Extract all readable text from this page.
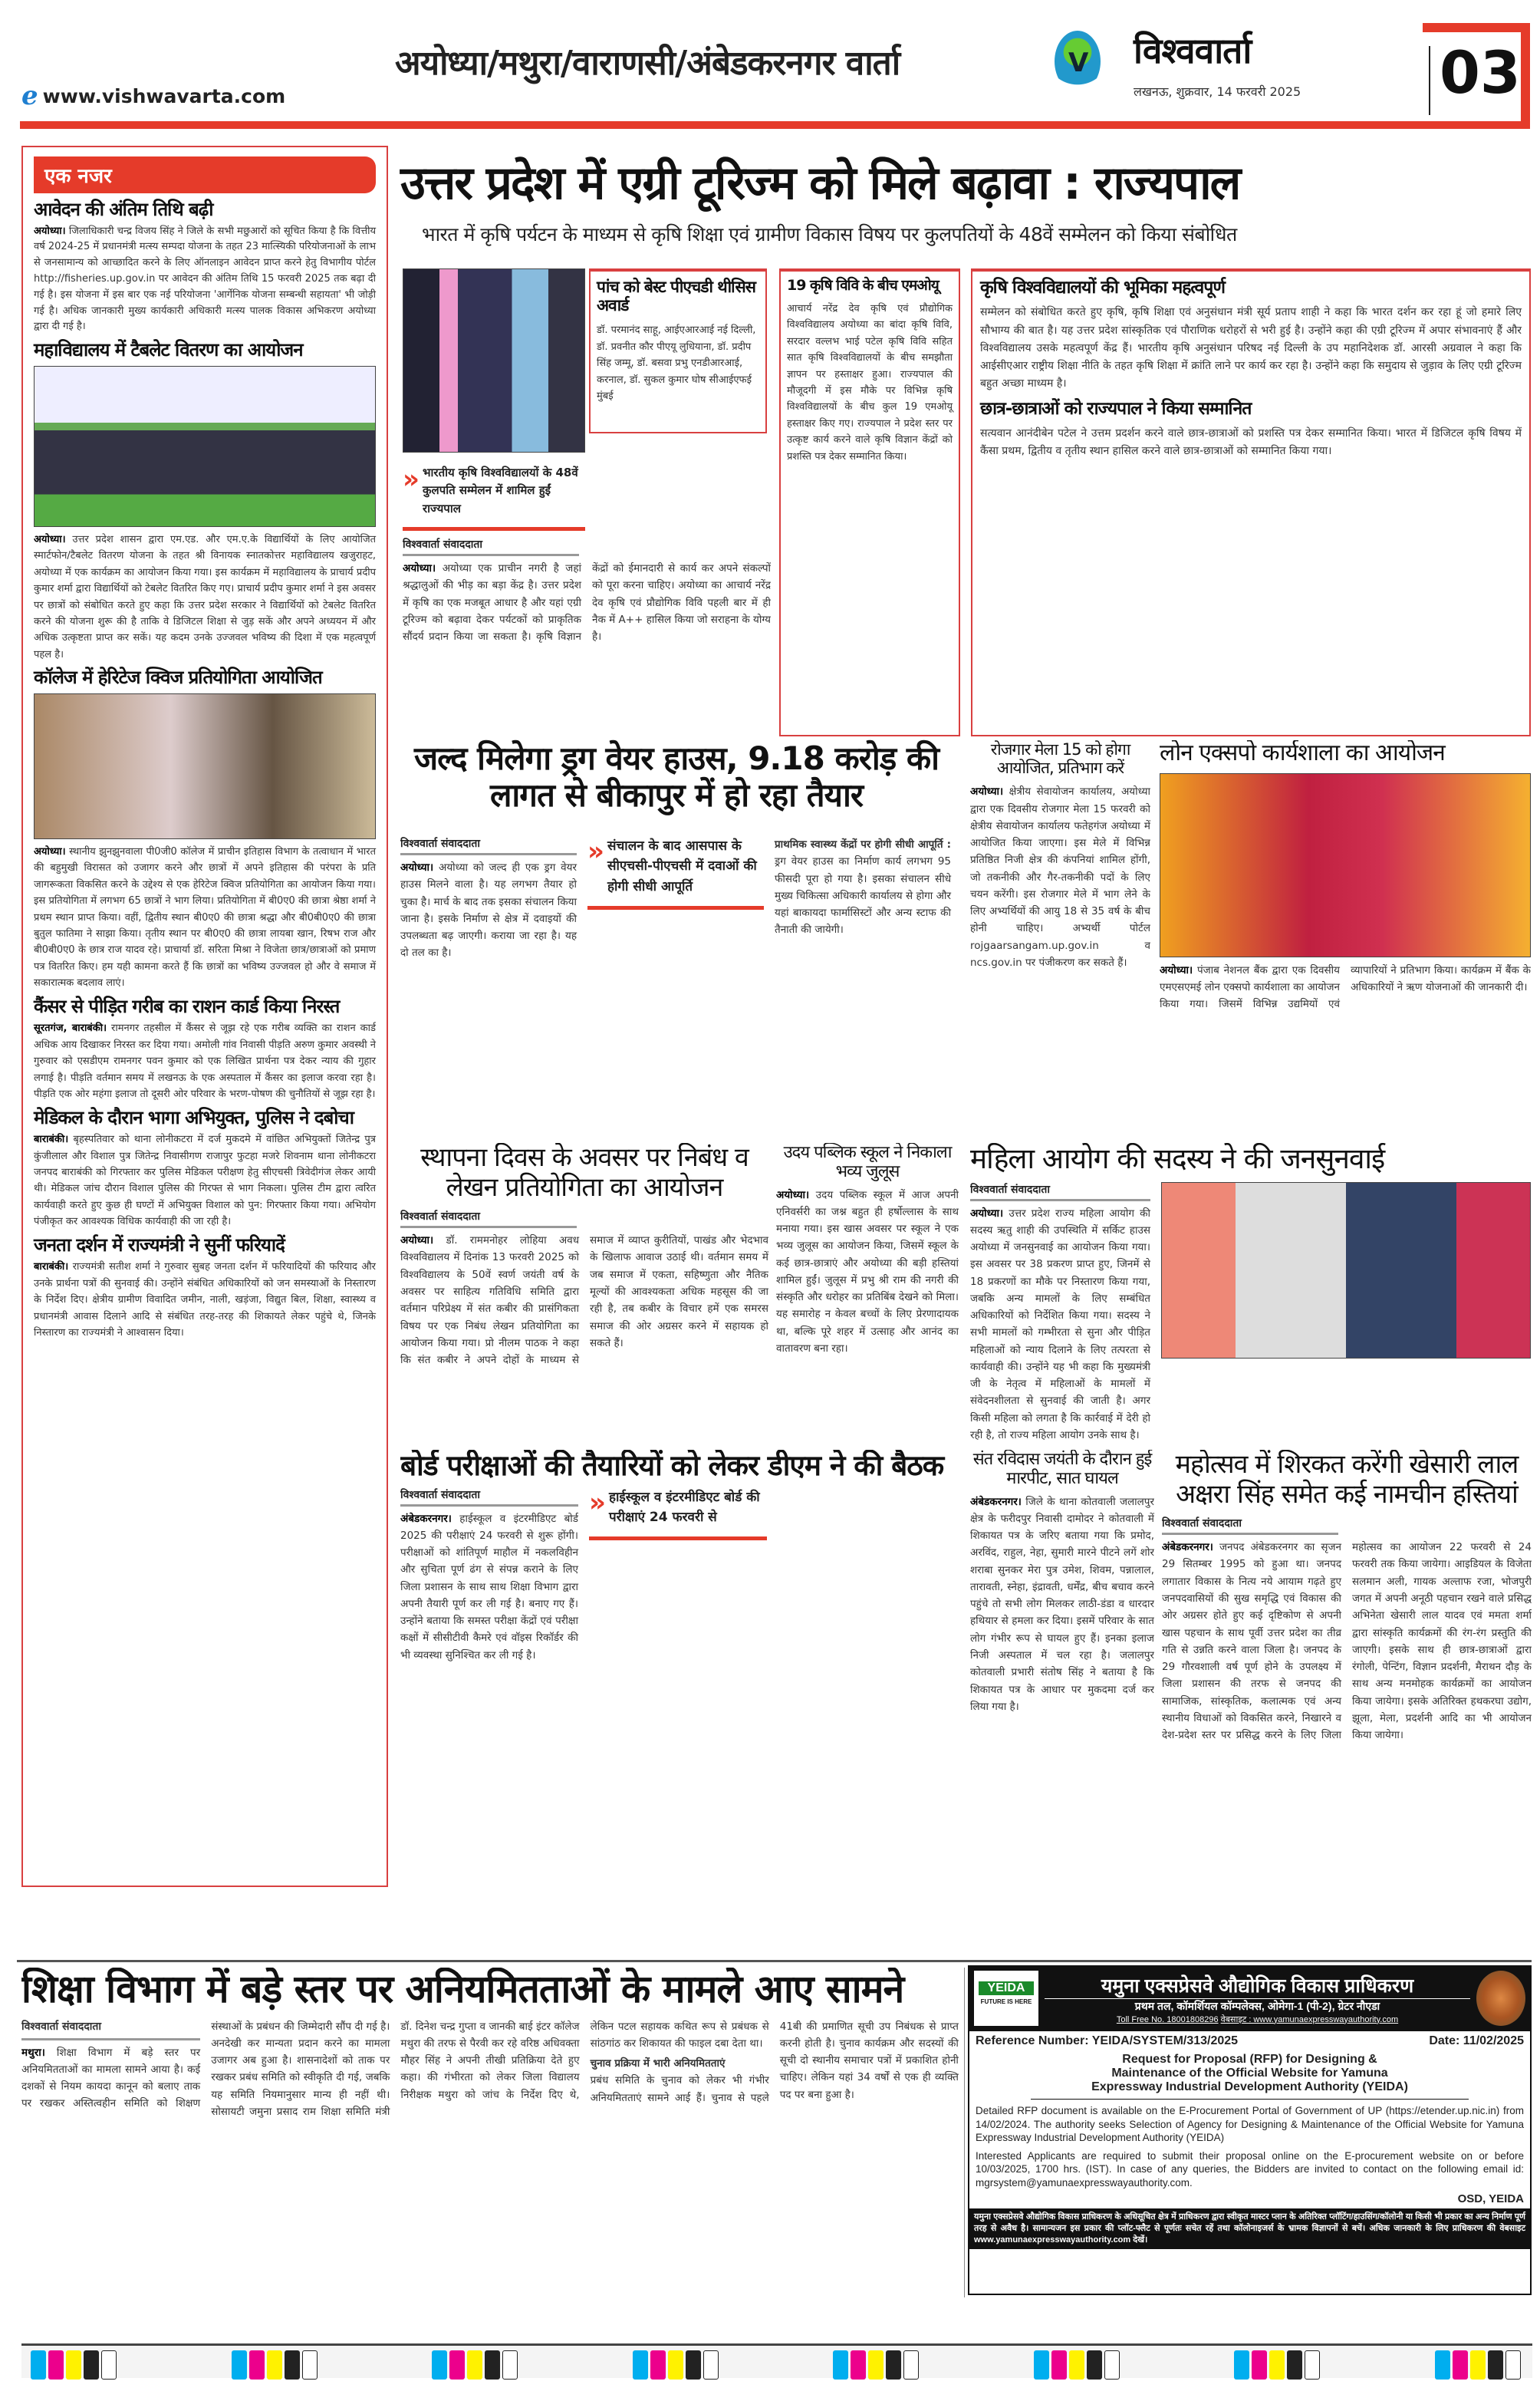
e www.vishwavarta.com
अयोध्या/मथुरा/वाराणसी/अंबेडकरनगर वार्ता	V विश्ववार्ता
लखनऊ, शुक्रवार, 14 फरवरी 2025 03
एक नजर
आवेदन की अंतिम तिथि बढ़ी

अयोध्या। जिलाधिकारी चन्द्र विजय सिंह ने जिले के सभी मछुआरों को सूचित किया है कि वित्तीय वर्ष 2024-25 में प्रधानमंत्री मत्स्य सम्पदा योजना के तहत 23 मात्स्यिकी परियोजनाओं के लाभ से जनसामान्य को आच्छादित करने के लिए ऑनलाइन आवेदन प्राप्त करने हेतु विभागीय पोर्टल http://fisheries.up.gov.in पर आवेदन की अंतिम तिथि 15 फरवरी 2025 तक बढ़ा दी गई है। इस योजना में इस बार एक नई परियोजना 'आर्गेनिक योजना सम्बन्धी सहायता' भी जोड़ी गई है। अधिक जानकारी मुख्य कार्यकारी अधिकारी मत्स्य पालक विकास अभिकरण अयोध्या द्वारा दी गई है।

महाविद्यालय में टैबलेट वितरण का आयोजन

अयोध्या। उत्तर प्रदेश शासन द्वारा एम.एड. और एम.ए.के विद्यार्थियों के लिए आयोजित स्मार्टफोन/टैबलेट वितरण योजना के तहत श्री विनायक स्नातकोत्तर महाविद्यालय खजुराहट, अयोध्या में एक कार्यक्रम का आयोजन किया गया। इस कार्यक्रम में महाविद्यालय के प्राचार्य प्रदीप कुमार शर्मा द्वारा विद्यार्थियों को टेबलेट वितरित किए गए। प्राचार्य प्रदीप कुमार शर्मा ने इस अवसर पर छात्रों को संबोधित करते हुए कहा कि उत्तर प्रदेश सरकार ने विद्यार्थियों को टेबलेट वितरित करने की योजना शुरू की है ताकि वे डिजिटल शिक्षा से जुड़ सकें और अपने अध्ययन में और अधिक उत्कृष्टता प्राप्त कर सकें। यह कदम उनके उज्जवल भविष्य की दिशा में एक महत्वपूर्ण पहल है।

कॉलेज में हेरिटेज क्विज प्रतियोगिता आयोजित

अयोध्या। स्थानीय झुनझुनवाला पी0जी0 कॉलेज में प्राचीन इतिहास विभाग के तत्वाधान में भारत की बहुमुखी विरासत को उजागर करने और छात्रों में अपने इतिहास की परंपरा के प्रति जागरूकता विकसित करने के उद्देश्य से एक हेरिटेज क्विज प्रतियोगिता का आयोजन किया गया। इस प्रतियोगिता में लगभग 65 छात्रों ने भाग लिया। प्रतियोगिता में बी0ए0 की छात्रा श्रेष्ठा शर्मा ने प्रथम स्थान प्राप्त किया। वहीं, द्वितीय स्थान बी0ए0 की छात्रा श्रद्धा और बी0बी0ए0 की छात्रा बुतुल फातिमा ने साझा किया। तृतीय स्थान पर बी0ए0 की छात्रा लायबा खान, रिषभ राज और बी0बी0ए0 के छात्र राज यादव रहे। प्राचार्या डॉ. सरिता मिश्रा ने विजेता छात्र/छात्राओं को प्रमाण पत्र वितरित किए। हम यही कामना करते हैं कि छात्रों का भविष्य उज्जवल हो और वे समाज में सकारात्मक बदलाव लाएं।

कैंसर से पीड़ित गरीब का राशन कार्ड किया निरस्त

सूरतगंज, बाराबंकी। रामनगर तहसील में कैंसर से जूझ रहे एक गरीब व्यक्ति का राशन कार्ड अधिक आय दिखाकर निरस्त कर दिया गया। अमोली गांव निवासी पीड़ति अरुण कुमार अवस्थी ने गुरुवार को एसडीएम रामनगर पवन कुमार को एक लिखित प्रार्थना पत्र देकर न्याय की गुहार लगाई है। पीड़ति वर्तमान समय में लखनऊ के एक अस्पताल में कैंसर का इलाज करवा रहा है। पीड़ति एक ओर महंगा इलाज तो दूसरी ओर परिवार के भरण-पोषण की चुनौतियों से जूझ रहा है।

मेडिकल के दौरान भागा अभियुक्त, पुलिस ने दबोचा

बाराबंकी। बृहस्पतिवार को थाना लोनीकटरा में दर्ज मुकदमे में वांछित अभियुक्तों जितेन्द्र पुत्र कुंजीलाल और विशाल पुत्र जितेन्द्र निवासीगण राजापुर फुटहा मजरे शिवनाम थाना लोनीकटरा जनपद बाराबंकी को गिरफ्तार कर पुलिस मेडिकल परीक्षण हेतु सीएचसी त्रिवेदीगंज लेकर आयी थी। मेडिकल जांच दौरान विशाल पुलिस की गिरफ्त से भाग निकला। पुलिस टीम द्वारा त्वरित कार्यवाही करते हुए कुछ ही घण्टों में अभियुक्त विशाल को पुन: गिरफ्तार किया गया। अभियोग पंजीकृत कर आवश्यक विधिक कार्यवाही की जा रही है।

जनता दर्शन में राज्यमंत्री ने सुनीं फरियादें

बाराबंकी। राज्यमंत्री सतीश शर्मा ने गुरुवार सुबह जनता दर्शन में फरियादियों की फरियाद और उनके प्रार्थना पत्रों की सुनवाई की। उन्होंने संबंधित अधिकारियों को जन समस्याओं के निस्तारण के निर्देश दिए। क्षेत्रीय ग्रामीण विवादित जमीन, नाली, खड़ंजा, विद्युत बिल, शिक्षा, स्वास्थ्य व प्रधानमंत्री आवास दिलाने आदि से संबंधित तरह-तरह की शिकायते लेकर पहुंचे थे, जिनके निस्तारण का राज्यमंत्री ने आश्वासन दिया।

उत्तर प्रदेश में एग्री टूरिज्म को मिले बढ़ावा : राज्यपाल
भारत में कृषि पर्यटन के माध्यम से कृषि शिक्षा एवं ग्रामीण विकास विषय पर कुलपतियों के 48वें सम्मेलन को किया संबोधित
» भारतीय कृषि विश्वविद्यालयों के 48वें कुलपति सम्मेलन में शामिल हुईं राज्यपाल
विश्ववार्ता संवाददाता

अयोध्या। अयोध्या एक प्राचीन नगरी है जहां श्रद्धालुओं की भीड़ का बड़ा केंद्र है। उत्तर प्रदेश में कृषि का एक मजबूत आधार है और यहां एग्री टूरिज्म को बढ़ावा देकर पर्यटकों को प्राकृतिक सौंदर्य प्रदान किया जा सकता है। कृषि विज्ञान केंद्रों को ईमानदारी से कार्य कर अपने संकल्पों को पूरा करना चाहिए। अयोध्या का आचार्य नरेंद्र देव कृषि एवं प्रौद्योगिक विवि पहली बार में ही नैक में A++ हासिल किया जो सराहना के योग्य है।

पांच को बेस्ट पीएचडी थीसिस अवार्ड

डॉ. परमानंद साहू, आईएआरआई नई दिल्ली, डॉ. प्रवनीत कौर पीएयू लुधियाना, डॉ. प्रदीप सिंह जम्मू, डॉ. बसवा प्रभु एनडीआरआई, करनाल, डॉ. सुकल कुमार घोष सीआईएफई मुंबई

19 कृषि विवि के बीच एमओयू

आचार्य नरेंद्र देव कृषि एवं प्रौद्योगिक विश्वविद्यालय अयोध्या का बांदा कृषि विवि, सरदार वल्लभ भाई पटेल कृषि विवि सहित सात कृषि विश्वविद्यालयों के बीच समझौता ज्ञापन पर हस्ताक्षर हुआ। राज्यपाल की मौजूदगी में इस मौके पर विभिन्न कृषि विश्वविद्यालयों के बीच कुल 19 एमओयू हस्ताक्षर किए गए। राज्यपाल ने प्रदेश स्तर पर उत्कृष्ट कार्य करने वाले कृषि विज्ञान केंद्रों को प्रशस्ति पत्र देकर सम्मानित किया।

कृषि विश्वविद्यालयों की भूमिका महत्वपूर्ण

सम्मेलन को संबोधित करते हुए कृषि, कृषि शिक्षा एवं अनुसंधान मंत्री सूर्य प्रताप शाही ने कहा कि भारत दर्शन कर रहा हूं जो हमारे लिए सौभाग्य की बात है। यह उत्तर प्रदेश सांस्कृतिक एवं पौराणिक धरोहरों से भरी हुई है। उन्होंने कहा की एग्री टूरिज्म में अपार संभावनाएं हैं और विश्वविद्यालय उसके महत्वपूर्ण केंद्र हैं। भारतीय कृषि अनुसंधान परिषद नई दिल्ली के उप महानिदेशक डॉ. आरसी अग्रवाल ने कहा कि आईसीएआर राष्ट्रीय शिक्षा नीति के तहत कृषि शिक्षा में क्रांति लाने पर कार्य कर रहा है। उन्होंने कहा कि समुदाय से जुड़ाव के लिए एग्री टूरिज्म बहुत अच्छा माध्यम है।

छात्र-छात्राओं को राज्यपाल ने किया सम्मानित

सत्यवान आनंदीबेन पटेल ने उत्तम प्रदर्शन करने वाले छात्र-छात्राओं को प्रशस्ति पत्र देकर सम्मानित किया। भारत में डिजिटल कृषि विषय में कैंसा प्रथम, द्वितीय व तृतीय स्थान हासिल करने वाले छात्र-छात्राओं को सम्मानित किया गया।

जल्द मिलेगा ड्रग वेयर हाउस, 9.18 करोड़ की लागत से बीकापुर में हो रहा तैयार
विश्ववार्ता संवाददाता

अयोध्या। अयोध्या को जल्द ही एक ड्रग वेयर हाउस मिलने वाला है। यह लगभग तैयार हो चुका है। मार्च के बाद तक इसका संचालन किया जाना है। इसके निर्माण से क्षेत्र में दवाइयों की उपलब्धता बढ़ जाएगी। कराया जा रहा है। यह दो तल का है।

» संचालन के बाद आसपास के सीएचसी-पीएचसी में दवाओं की होगी सीधी आपूर्ति

प्राथमिक स्वास्थ्य केंद्रों पर होगी सीधी आपूर्ति : ड्रग वेयर हाउस का निर्माण कार्य लगभग 95 फीसदी पूरा हो गया है। इसका संचालन सीधे मुख्य चिकित्सा अधिकारी कार्यालय से होगा और यहां बाकायदा फार्मासिस्टों और अन्य स्टाफ की तैनाती की जायेगी।

रोजगार मेला 15 को होगा आयोजित, प्रतिभाग करें

अयोध्या। क्षेत्रीय सेवायोजन कार्यालय, अयोध्या द्वारा एक दिवसीय रोजगार मेला 15 फरवरी को क्षेत्रीय सेवायोजन कार्यालय फतेहगंज अयोध्या में आयोजित किया जाएगा। इस मेले में विभिन्न प्रतिष्ठित निजी क्षेत्र की कंपनियां शामिल होंगी, जो तकनीकी और गैर-तकनीकी पदों के लिए चयन करेंगी। इस रोजगार मेले में भाग लेने के लिए अभ्यर्थियों की आयु 18 से 35 वर्ष के बीच होनी चाहिए। अभ्यर्थी पोर्टल rojgaarsangam.up.gov.in व ncs.gov.in पर पंजीकरण कर सकते हैं।

लोन एक्सपो कार्यशाला का आयोजन

अयोध्या। पंजाब नेशनल बैंक द्वारा एक दिवसीय एमएसएमई लोन एक्सपो कार्यशाला का आयोजन किया गया। जिसमें विभिन्न उद्यमियों एवं व्यापारियों ने प्रतिभाग किया। कार्यक्रम में बैंक के अधिकारियों ने ऋण योजनाओं की जानकारी दी।

स्थापना दिवस के अवसर पर निबंध व लेखन प्रतियोगिता का आयोजन
विश्ववार्ता संवाददाता

अयोध्या। डॉ. राममनोहर लोहिया अवध विश्वविद्यालय में दिनांक 13 फरवरी 2025 को विश्वविद्यालय के 50वें स्वर्ण जयंती वर्ष के अवसर पर साहित्य गतिविधि समिति द्वारा वर्तमान परिप्रेक्ष्य में संत कबीर की प्रासंगिकता विषय पर एक निबंध लेखन प्रतियोगिता का आयोजन किया गया। प्रो नीलम पाठक ने कहा कि संत कबीर ने अपने दोहों के माध्यम से समाज में व्याप्त कुरीतियों, पाखंड और भेदभाव के खिलाफ आवाज उठाई थी। वर्तमान समय में जब समाज में एकता, सहिष्णुता और नैतिक मूल्यों की आवश्यकता अधिक महसूस की जा रही है, तब कबीर के विचार हमें एक समरस समाज की ओर अग्रसर करने में सहायक हो सकते हैं।

उदय पब्लिक स्कूल ने निकाला भव्य जुलूस

अयोध्या। उदय पब्लिक स्कूल में आज अपनी एनिवर्सरी का जश्न बहुत ही हर्षोल्लास के साथ मनाया गया। इस खास अवसर पर स्कूल ने एक भव्य जुलूस का आयोजन किया, जिसमें स्कूल के कई छात्र-छात्राएं और अयोध्या की बड़ी हस्तियां शामिल हुईं। जुलूस में प्रभु श्री राम की नगरी की संस्कृति और धरोहर का प्रतिबिंब देखने को मिला। यह समारोह न केवल बच्चों के लिए प्रेरणादायक था, बल्कि पूरे शहर में उत्साह और आनंद का वातावरण बना रहा।

महिला आयोग की सदस्य ने की जनसुनवाई
विश्ववार्ता संवाददाता

अयोध्या। उत्तर प्रदेश राज्य महिला आयोग की सदस्य ऋतु शाही की उपस्थिति में सर्किट हाउस अयोध्या में जनसुनवाई का आयोजन किया गया। इस अवसर पर 38 प्रकरण प्राप्त हुए, जिनमें से 18 प्रकरणों का मौके पर निस्तारण किया गया, जबकि अन्य मामलों के लिए सम्बंधित अधिकारियों को निर्देशित किया गया। सदस्य ने सभी मामलों को गम्भीरता से सुना और पीड़ित महिलाओं को न्याय दिलाने के लिए तत्परता से कार्यवाही की। उन्होंने यह भी कहा कि मुख्यमंत्री जी के नेतृत्व में महिलाओं के मामलों में संवेदनशीलता से सुनवाई की जाती है। अगर किसी महिला को लगता है कि कार्रवाई में देरी हो रही है, तो राज्य महिला आयोग उनके साथ है।

बोर्ड परीक्षाओं की तैयारियों को लेकर डीएम ने की बैठक
विश्ववार्ता संवाददाता

अंबेडकरनगर। हाईस्कूल व इंटरमीडिएट बोर्ड 2025 की परीक्षाएं 24 फरवरी से शुरू होंगी। परीक्षाओं को शांतिपूर्ण माहौल में नकलविहीन और सुचिता पूर्ण ढंग से संपन्न कराने के लिए जिला प्रशासन के साथ साथ शिक्षा विभाग द्वारा अपनी तैयारी पूर्ण कर ली गई है। बनाए गए हैं। उन्होंने बताया कि समस्त परीक्षा केंद्रों एवं परीक्षा कक्षों में सीसीटीवी कैमरे एवं वॉइस रिकॉर्डर की भी व्यवस्था सुनिश्चित कर ली गई है।

» हाईस्कूल व इंटरमीडिएट बोर्ड की परीक्षाएं 24 फरवरी से
संत रविदास जयंती के दौरान हुई मारपीट, सात घायल

अंबेडकरनगर। जिले के थाना कोतवाली जलालपुर क्षेत्र के फरीदपुर निवासी दामोदर ने कोतवाली में शिकायत पत्र के जरिए बताया गया कि प्रमोद, अरविंद, राहुल, नेहा, सुमारी मारने पीटने लगें शोर शराबा सुनकर मेरा पुत्र उमेश, शिवम, पन्नालाल, तारावती, स्नेहा, इंद्रावती, धर्मेंद्र, बीच बचाव करने पहुंचे तो सभी लोग मिलकर लाठी-डंडा व धारदार हथियार से हमला कर दिया। इसमें परिवार के सात लोग गंभीर रूप से घायल हुए हैं। इनका इलाज निजी अस्पताल में चल रहा है। जलालपुर कोतवाली प्रभारी संतोष सिंह ने बताया है कि शिकायत पत्र के आधार पर मुकदमा दर्ज कर लिया गया है।

महोत्सव में शिरकत करेंगी खेसारी लाल अक्षरा सिंह समेत कई नामचीन हस्तियां
विश्ववार्ता संवाददाता

अंबेडकरनगर। जनपद अंबेडकरनगर का सृजन 29 सितम्बर 1995 को हुआ था। जनपद लगातार विकास के नित्य नये आयाम गढ़ते हुए जनपदवासियों की सुख समृद्धि एवं विकास की ओर अग्रसर होते हुए कई दृष्टिकोण से अपनी खास पहचान के साथ पूर्वी उत्तर प्रदेश का तीव्र गति से उन्नति करने वाला जिला है। जनपद के 29 गौरवशाली वर्ष पूर्ण होने के उपलक्ष्य में जिला प्रशासन की तरफ से जनपद की सामाजिक, सांस्कृतिक, कलात्मक एवं अन्य स्थानीय विधाओं को विकसित करने, निखारने व देश-प्रदेश स्तर पर प्रसिद्ध करने के लिए जिला महोत्सव का आयोजन 22 फरवरी से 24 फरवरी तक किया जायेगा। आइडियल के विजेता सलमान अली, गायक अल्ताफ रजा, भोजपुरी जगत में अपनी अनूठी पहचान रखने वाले प्रसिद्ध अभिनेता खेसारी लाल यादव एवं ममता शर्मा द्वारा सांस्कृति कार्यक्रमों की रंग-रंग प्रस्तुति की जाएगी। इसके साथ ही छात्र-छात्राओं द्वारा रंगोली, पेन्टिंग, विज्ञान प्रदर्शनी, मैराथन दौड़ के साथ अन्य मनमोहक कार्यक्रमों का आयोजन किया जायेगा। इसके अतिरिक्त हथकरघा उद्योग, झूला, मेला, प्रदर्शनी आदि का भी आयोजन किया जायेगा।

शिक्षा विभाग में बड़े स्तर पर अनियमितताओं के मामले आए सामने
विश्ववार्ता संवाददाता
मथुरा। शिक्षा विभाग में बड़े स्तर पर अनियमितताओं का मामला सामने आया है। कई दशकों से नियम कायदा कानून को बलाए ताक पर रखकर अस्तित्वहीन समिति को शिक्षण संस्थाओं के प्रबंधन की जिम्मेदारी सौंप दी गई है। अनदेखी कर मान्यता प्रदान करने का मामला उजागर अब हुआ है। शासनादेशों को ताक पर रखकर प्रबंध समिति को स्वीकृति दी गई, जबकि यह समिति नियमानुसार मान्य ही नहीं थी। सोसायटी जमुना प्रसाद राम शिक्षा समिति मंत्री डॉ. दिनेश चन्द्र गुप्ता व जानकी बाई इंटर कॉलेज मथुरा की तरफ से पैरवी कर रहे वरिष्ठ अधिवक्ता मौहर सिंह ने अपनी तीखी प्रतिक्रिया देते हुए कहा। की गंभीरता को लेकर जिला विद्यालय निरीक्षक मथुरा को जांच के निर्देश दिए थे, लेकिन पटल सहायक कथित रूप से प्रबंधक से सांठगांठ कर शिकायत की फाइल दबा देता था।
चुनाव प्रक्रिया में भारी अनियमितताएं
प्रबंध समिति के चुनाव को लेकर भी गंभीर अनियमितताएं सामने आई हैं। चुनाव से पहले 41बी की प्रमाणित सूची उप निबंधक से प्राप्त करनी होती है। चुनाव कार्यक्रम और सदस्यों की सूची दो स्थानीय समाचार पत्रों में प्रकाशित होनी चाहिए। लेकिन यहां 34 वर्षों से एक ही व्यक्ति पद पर बना हुआ है।
YEIDA
FUTURE IS HERE
यमुना एक्सप्रेसवे औद्योगिक विकास प्राधिकरण
प्रथम तल, कॉमर्शियल कॉम्पलेक्स, ओमेगा-1 (पी-2), ग्रेटर नौएडा
Toll Free No. 18001808296 वेबसाइट : www.yamunaexpresswayauthority.com
Reference Number: YEIDA/SYSTEM/313/2025	Date: 11/02/2025
Request for Proposal (RFP) for Designing & Maintenance of the Official Website for Yamuna Expressway Industrial Development Authority (YEIDA)

Detailed RFP document is available on the E-Procurement Portal of Government of UP (https://etender.up.nic.in) from 14/02/2024. The authority seeks Selection of Agency for Designing & Maintenance of the Official Website for Yamuna Expressway Industrial Development Authority (YEIDA)

Interested Applicants are required to submit their proposal online on the E-procurement website on or before 10/03/2025, 1700 hrs. (IST). In case of any queries, the Bidders are invited to contact on the following email id: mgrsystem@yamunaexpresswayauthority.com.

OSD, YEIDA
यमुना एक्सप्रेसवे औद्योगिक विकास प्राधिकरण के अधिसूचित क्षेत्र में प्राधिकरण द्वारा स्वीकृत मास्टर प्लान के अतिरिक्त प्लॉटिंग/हाउसिंग/कॉलोनी या किसी भी प्रकार का अन्य निर्माण पूर्ण तरह से अवैध है। सामान्यजन इस प्रकार की प्लॉट-फ्लैट से पूर्णतः सचेत रहें तथा कॉलोनाइजर्स के भ्रामक विज्ञापनों से बचें। अधिक जानकारी के लिए प्राधिकरण की वेबसाइट www.yamunaexpresswayauthority.com देखें।
